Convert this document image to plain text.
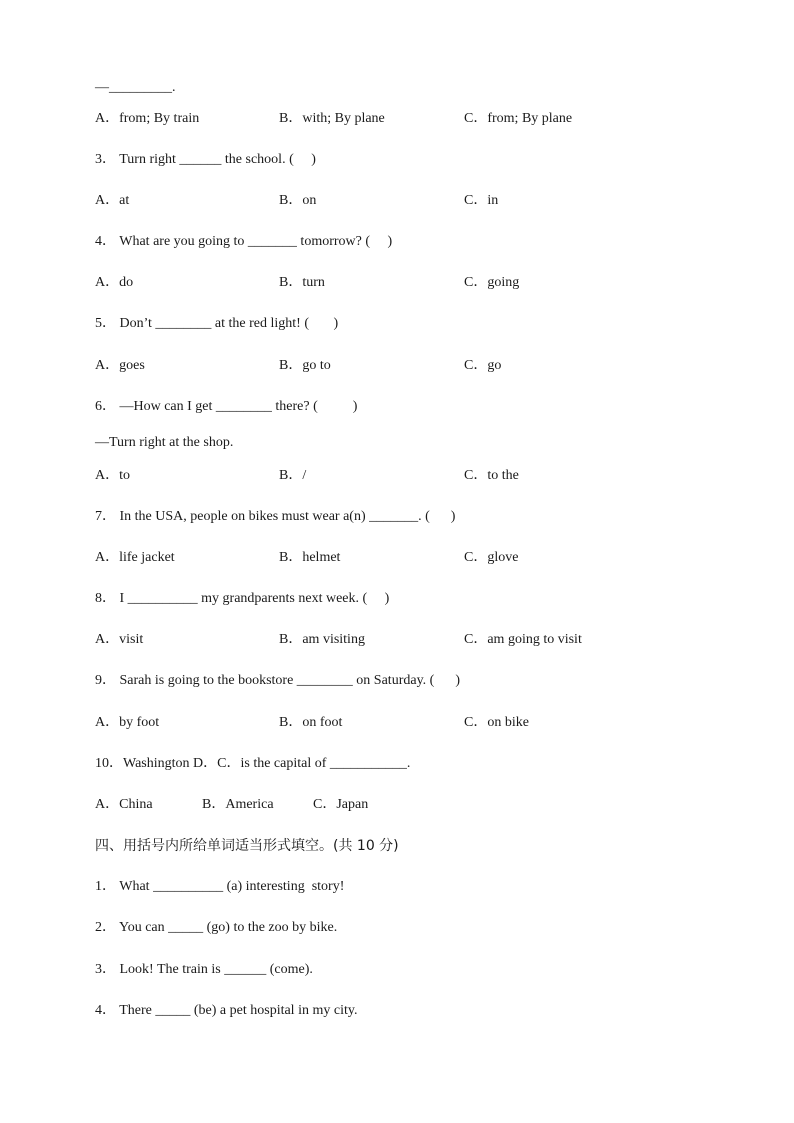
—_________.
A．from; By train	B．with; By plane	C．from; By plane
3． Turn right ______ the school. (     )
A．at	B．on	C．in
4． What are you going to _______ tomorrow? (     )
A．do	B．turn	C．going
5． Don’t ________ at the red light! (       )
A．goes	B．go to	C．go
6． —How can I get ________ there? (          )
—Turn right at the shop.
A．to	B．/	C．to the
7． In the USA, people on bikes must wear a(n) _______. (      )
A．life jacket	B．helmet	C．glove
8． I __________ my grandparents next week. (     )
A．visit	B．am visiting	C．am going to visit
9． Sarah is going to the bookstore ________ on Saturday. (      )
A．by foot	B．on foot	C．on bike
10．Washington D．C．is the capital of ___________.
A．China	B．America	C．Japan
四、用括号内所给单词适当形式填空。(共 10 分)
1． What __________ (a) interesting  story!
2． You can _____ (go) to the zoo by bike.
3． Look! The train is ______ (come).
4． There _____ (be) a pet hospital in my city.
